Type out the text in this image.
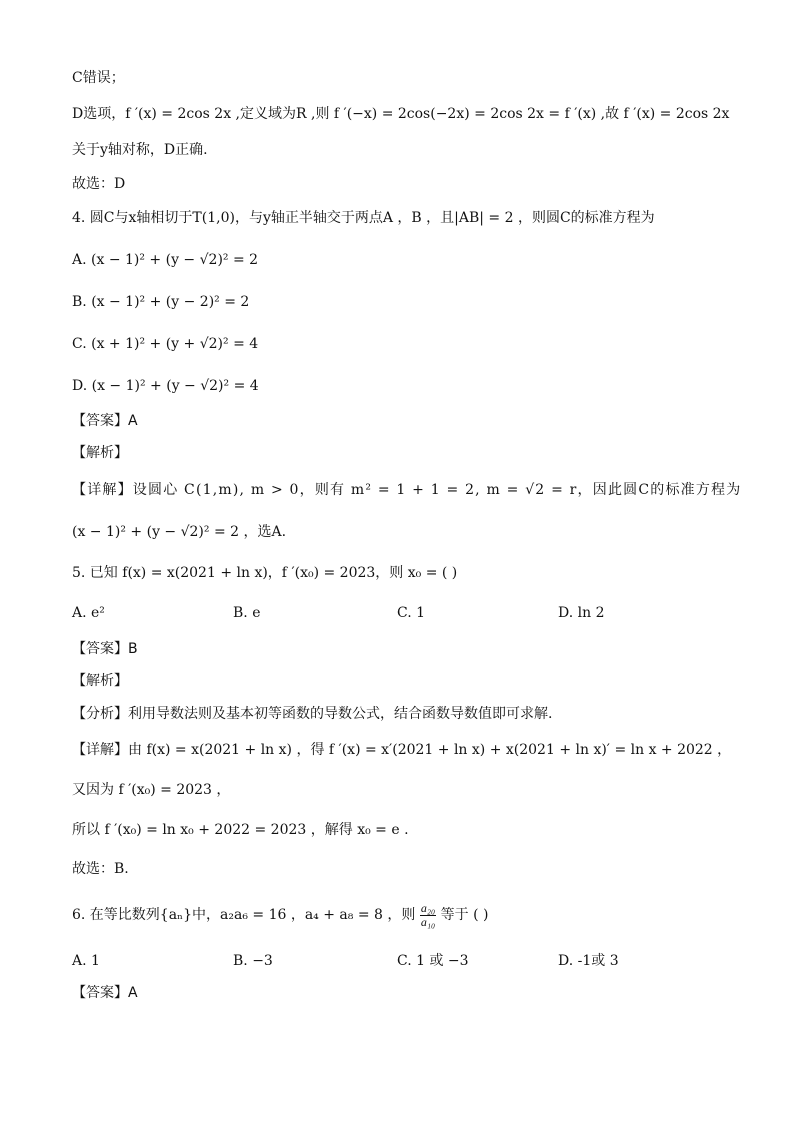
C错误；
D选项，f ′(x) = 2cos 2x ,定义域为R ,则 f ′(−x) = 2cos(−2x) = 2cos 2x = f ′(x) ,故 f ′(x) = 2cos 2x
关于y轴对称，D正确.
故选：D
4. 圆C与x轴相切于T(1,0)，与y轴正半轴交于两点A ，B ，且|AB| = 2 ，则圆C的标准方程为
A. (x − 1)² + (y − √2)² = 2
B. (x − 1)² + (y − 2)² = 2
C. (x + 1)² + (y + √2)² = 4
D. (x − 1)² + (y − √2)² = 4
【答案】A
【解析】
【详解】设圆心 C(1,m), m > 0，则有 m² = 1 + 1 = 2, m = √2 = r，因此圆C的标准方程为
(x − 1)² + (y − √2)² = 2 ，选A.
5. 已知 f(x) = x(2021 + ln x)，f ′(x₀) = 2023，则 x₀ = ( )
A. e²	B. e	C. 1	D. ln 2
【答案】B
【解析】
【分析】利用导数法则及基本初等函数的导数公式，结合函数导数值即可求解.
【详解】由 f(x) = x(2021 + ln x) ，得 f ′(x) = x′(2021 + ln x) + x(2021 + ln x)′ = ln x + 2022 ，
又因为 f ′(x₀) = 2023 ，
所以 f ′(x₀) = ln x₀ + 2022 = 2023 ，解得 x₀ = e .
故选：B.
6. 在等比数列{aₙ}中，a₂a₆ = 16 ，a₄ + a₈ = 8 ，则 $\frac{\text{a₂₀}}{\text{a₁₀}}$ 等于 ( )
A. 1	B. −3	C. 1 或 −3	D. -1或 3
【答案】A
